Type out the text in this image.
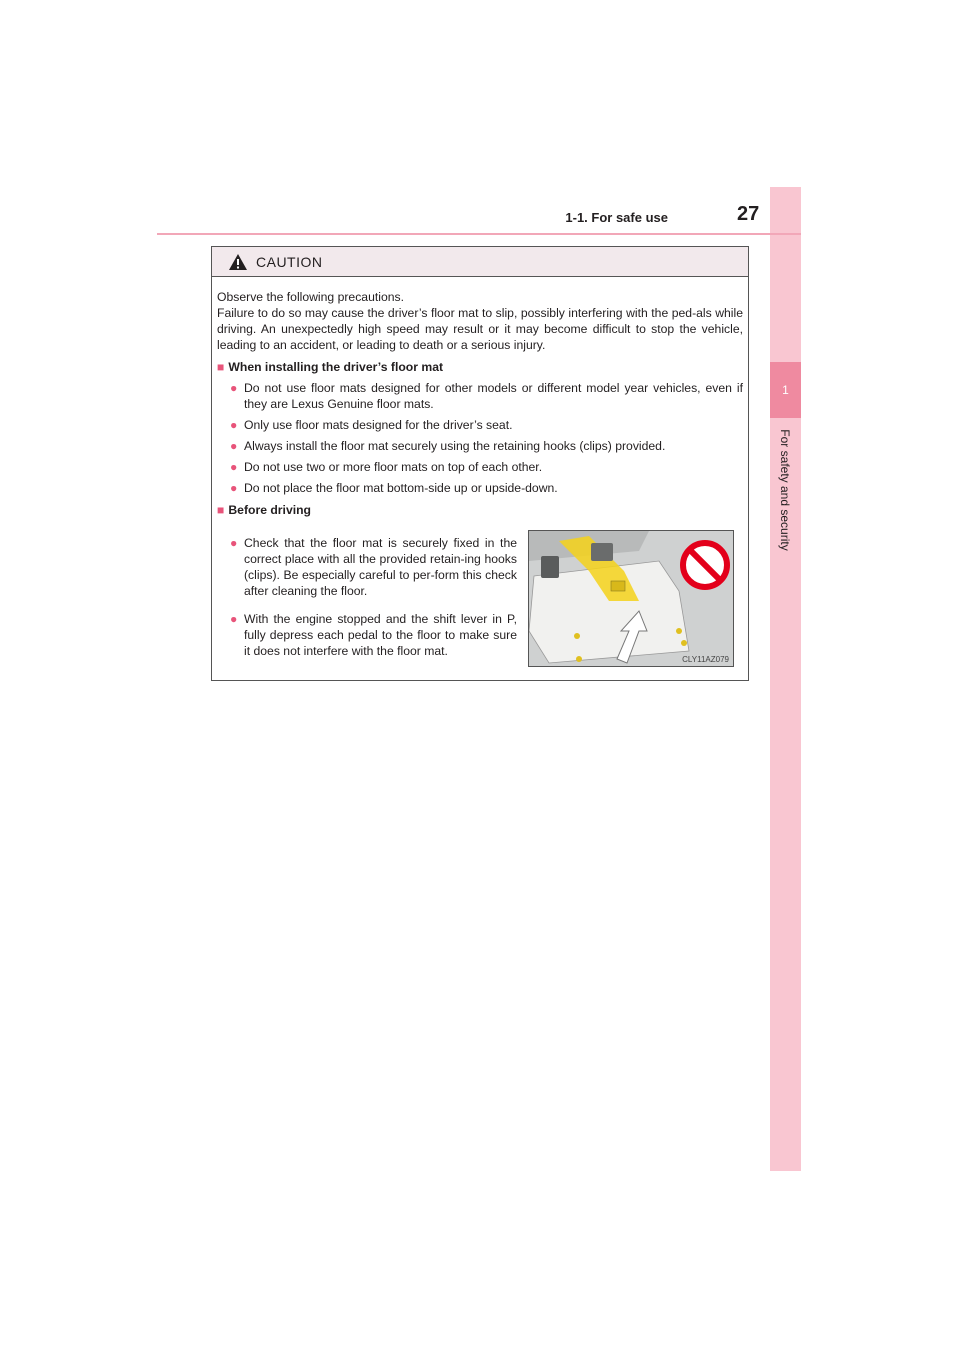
1
For safety and security
1-1. For safe use	27
CAUTION

Observe the following precautions.

Failure to do so may cause the driver’s floor mat to slip, possibly interfering with the ped-als while driving. An unexpectedly high speed may result or it may become difficult to stop the vehicle, leading to an accident, or leading to death or a serious injury.

■ When installing the driver’s floor mat

● Do not use floor mats designed for other models or different model year vehicles, even if they are Lexus Genuine floor mats.

● Only use floor mats designed for the driver’s seat.

● Always install the floor mat securely using the retaining hooks (clips) provided.

● Do not use two or more floor mats on top of each other.

● Do not place the floor mat bottom-side up or upside-down.

■ Before driving

● Check that the floor mat is securely fixed in the correct place with all the provided retain-ing hooks (clips). Be especially careful to per-form this check after cleaning the floor.

● With the engine stopped and the shift lever in P, fully depress each pedal to the floor to make sure it does not interfere with the floor mat.

CLY11AZ079
